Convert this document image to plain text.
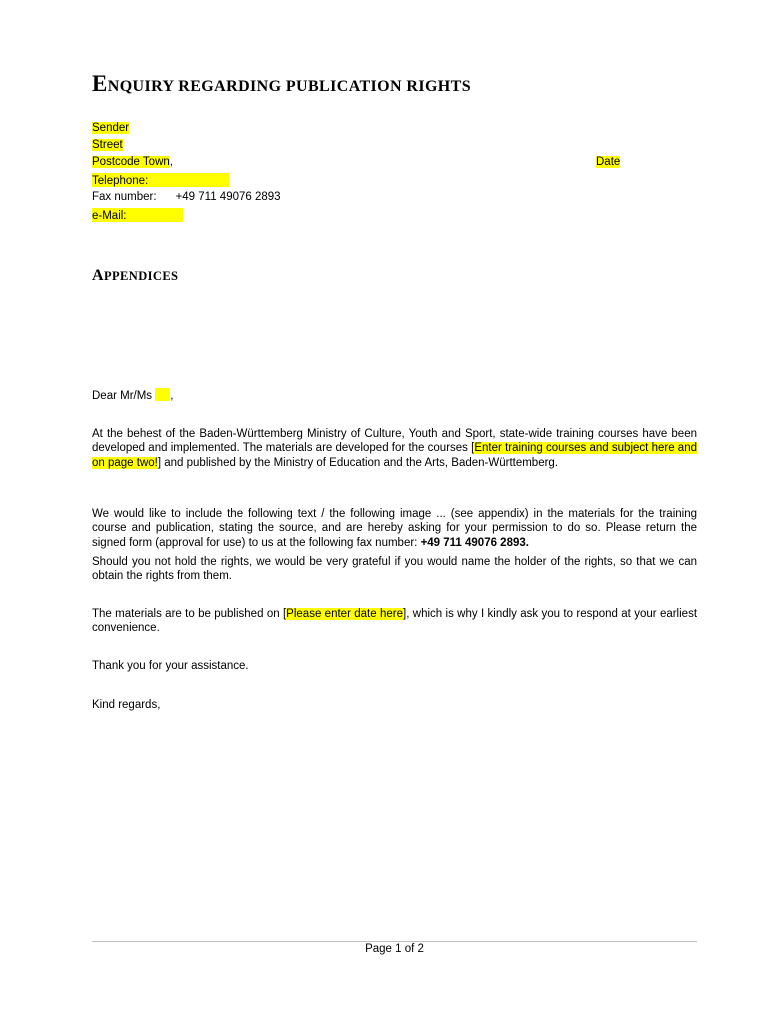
ENQUIRY REGARDING PUBLICATION RIGHTS
Sender
Street
Postcode Town,	Date
Telephone:
Fax number: +49 711 49076 2893
e-Mail:
APPENDICES
Dear Mr/Ms ,

At the behest of the Baden-Württemberg Ministry of Culture, Youth and Sport, state-wide training courses have been developed and implemented. The materials are developed for the courses [Enter training courses and subject here and on page two!] and published by the Ministry of Education and the Arts, Baden-Württemberg.

We would like to include the following text / the following image ... (see appendix) in the materials for the training course and publication, stating the source, and are hereby asking for your permission to do so. Please return the signed form (approval for use) to us at the following fax number: +49 711 49076 2893.

Should you not hold the rights, we would be very grateful if you would name the holder of the rights, so that we can obtain the rights from them.

The materials are to be published on [Please enter date here], which is why I kindly ask you to respond at your earliest convenience.

Thank you for your assistance.
Kind regards,
Page 1 of 2
